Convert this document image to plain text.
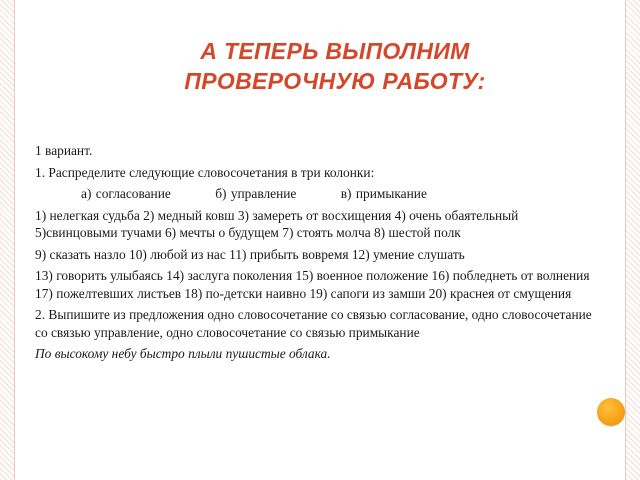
А ТЕПЕРЬ ВЫПОЛНИМ
ПРОВЕРОЧНУЮ РАБОТУ:

1 вариант.

1. Распределите следующие словосочетания в три колонки:

а) согласование	б) управление	в) примыкание

1) нелегкая судьба 2) медный ковш 3) замереть от восхищения 4) очень обаятельный 5)свинцовыми тучами 6) мечты о будущем 7) стоять молча 8) шестой полк

9) сказать назло 10) любой из нас 11) прибыть вовремя 12) умение слушать

13) говорить улыбаясь 14) заслуга поколения 15) военное положение 16) побледнеть от волнения 17) пожелтевших листьев 18) по-детски наивно 19) сапоги из замши 20) краснея от смущения

2. Выпишите из предложения одно словосочетание со связью согласование, одно словосочетание со связью управление, одно словосочетание со связью примыкание

По высокому небу быстро плыли пушистые облака.
